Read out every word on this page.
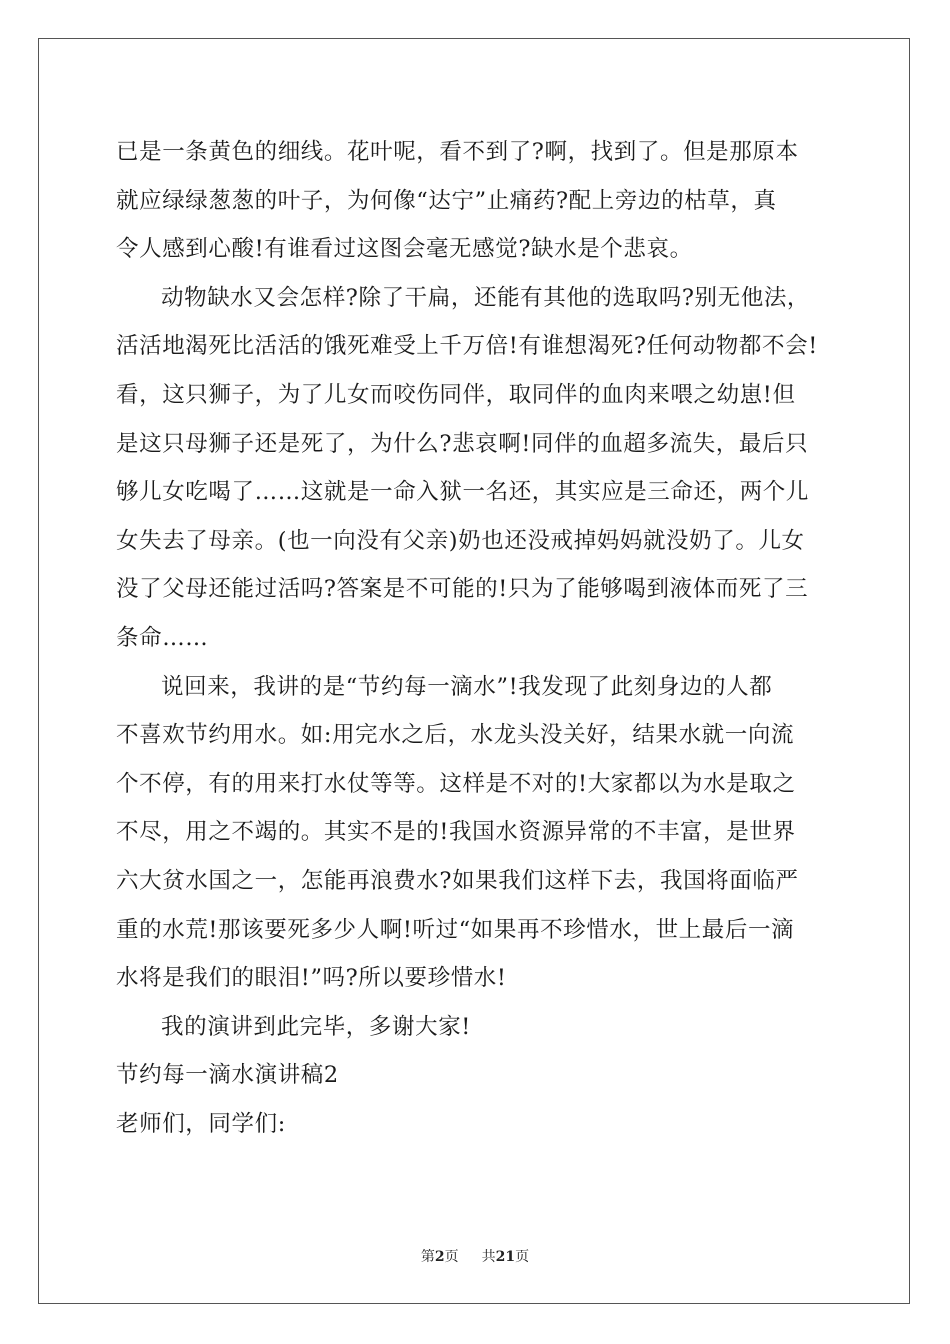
已是一条黄色的细线。花叶呢，看不到了?啊，找到了。但是那原本
就应绿绿葱葱的叶子，为何像“达宁”止痛药?配上旁边的枯草，真
令人感到心酸!有谁看过这图会毫无感觉?缺水是个悲哀。

动物缺水又会怎样?除了干扁，还能有其他的选取吗?别无他法，
活活地渴死比活活的饿死难受上千万倍!有谁想渴死?任何动物都不会!
看，这只狮子，为了儿女而咬伤同伴，取同伴的血肉来喂之幼崽!但
是这只母狮子还是死了，为什么?悲哀啊!同伴的血超多流失，最后只
够儿女吃喝了……这就是一命入狱一名还，其实应是三命还，两个儿
女失去了母亲。(也一向没有父亲)奶也还没戒掉妈妈就没奶了。儿女
没了父母还能过活吗?答案是不可能的!只为了能够喝到液体而死了三
条命……

说回来，我讲的是“节约每一滴水”!我发现了此刻身边的人都
不喜欢节约用水。如:用完水之后，水龙头没关好，结果水就一向流
个不停，有的用来打水仗等等。这样是不对的!大家都以为水是取之
不尽，用之不竭的。其实不是的!我国水资源异常的不丰富，是世界
六大贫水国之一，怎能再浪费水?如果我们这样下去，我国将面临严
重的水荒!那该要死多少人啊!听过“如果再不珍惜水，世上最后一滴
水将是我们的眼泪!”吗?所以要珍惜水!

我的演讲到此完毕，多谢大家!

节约每一滴水演讲稿2

老师们，同学们:

第2页 共21页
